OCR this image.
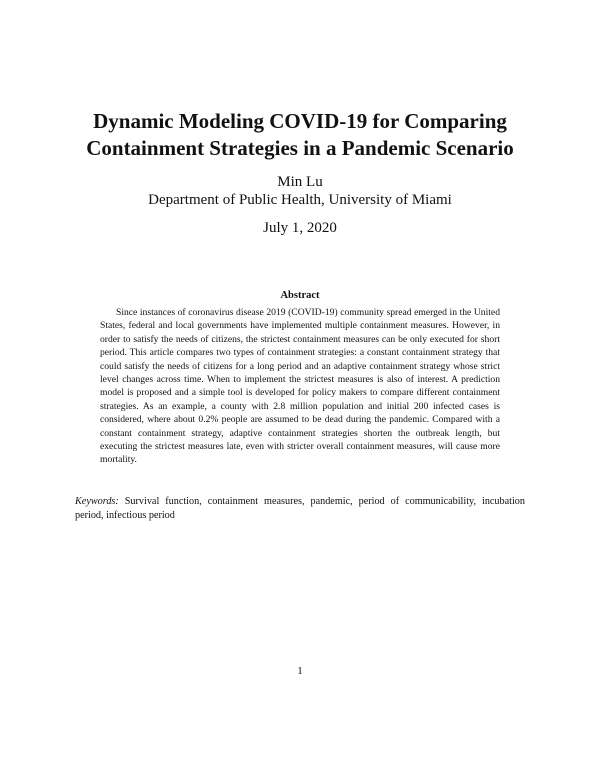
Dynamic Modeling COVID-19 for Comparing Containment Strategies in a Pandemic Scenario

Min Lu

Department of Public Health, University of Miami

July 1, 2020

Abstract

Since instances of coronavirus disease 2019 (COVID-19) community spread emerged in the United States, federal and local governments have implemented multiple containment measures. However, in order to satisfy the needs of citizens, the strictest containment measures can be only executed for short period. This article compares two types of containment strategies: a constant containment strategy that could satisfy the needs of citizens for a long period and an adaptive containment strategy whose strict level changes across time. When to implement the strictest measures is also of interest. A prediction model is proposed and a simple tool is developed for policy makers to compare different containment strategies. As an example, a county with 2.8 million population and initial 200 infected cases is considered, where about 0.2% people are assumed to be dead during the pandemic. Compared with a constant containment strategy, adaptive containment strategies shorten the outbreak length, but executing the strictest measures late, even with stricter overall containment measures, will cause more mortality.

Keywords: Survival function, containment measures, pandemic, period of communicability, incubation period, infectious period

1
